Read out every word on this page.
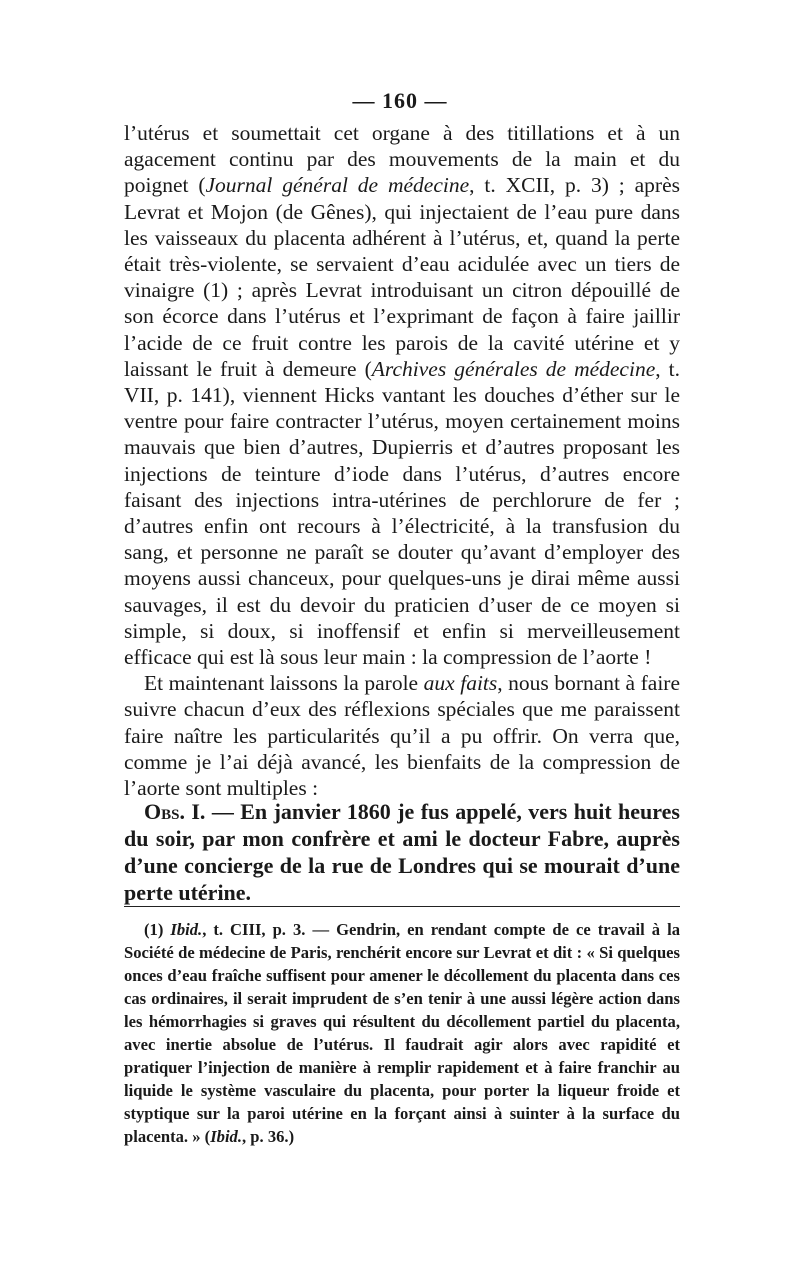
— 160 —

l’utérus et soumettait cet organe à des titillations et à un agacement continu par des mouvements de la main et du poignet (Journal général de médecine, t. XCII, p. 3) ; après Levrat et Mojon (de Gênes), qui injectaient de l’eau pure dans les vaisseaux du placenta adhérent à l’utérus, et, quand la perte était très-violente, se servaient d’eau acidulée avec un tiers de vinaigre (1) ; après Levrat introduisant un citron dépouillé de son écorce dans l’utérus et l’exprimant de façon à faire jaillir l’acide de ce fruit contre les parois de la cavité utérine et y laissant le fruit à demeure (Archives générales de médecine, t. VII, p. 141), viennent Hicks vantant les douches d’éther sur le ventre pour faire contracter l’utérus, moyen certainement moins mauvais que bien d’autres, Dupierris et d’autres proposant les injections de teinture d’iode dans l’utérus, d’autres encore faisant des injections intra-utérines de perchlorure de fer ; d’autres enfin ont recours à l’électricité, à la transfusion du sang, et personne ne paraît se douter qu’avant d’employer des moyens aussi chanceux, pour quelques-uns je dirai même aussi sauvages, il est du devoir du praticien d’user de ce moyen si simple, si doux, si inoffensif et enfin si merveilleusement efficace qui est là sous leur main : la compression de l’aorte !

Et maintenant laissons la parole aux faits, nous bornant à faire suivre chacun d’eux des réflexions spéciales que me paraissent faire naître les particularités qu’il a pu offrir. On verra que, comme je l’ai déjà avancé, les bienfaits de la compression de l’aorte sont multiples :

Obs. I. — En janvier 1860 je fus appelé, vers huit heures du soir, par mon confrère et ami le docteur Fabre, auprès d’une concierge de la rue de Londres qui se mourait d’une perte utérine.
(1) Ibid., t. CIII, p. 3. — Gendrin, en rendant compte de ce travail à la Société de médecine de Paris, renchérit encore sur Levrat et dit : « Si quelques onces d’eau fraîche suffisent pour amener le décollement du placenta dans ces cas ordinaires, il serait imprudent de s’en tenir à une aussi légère action dans les hémorrhagies si graves qui résultent du décollement partiel du placenta, avec inertie absolue de l’utérus. Il faudrait agir alors avec rapidité et pratiquer l’injection de manière à remplir rapidement et à faire franchir au liquide le système vasculaire du placenta, pour porter la liqueur froide et styptique sur la paroi utérine en la forçant ainsi à suinter à la surface du placenta. » (Ibid., p. 36.)
